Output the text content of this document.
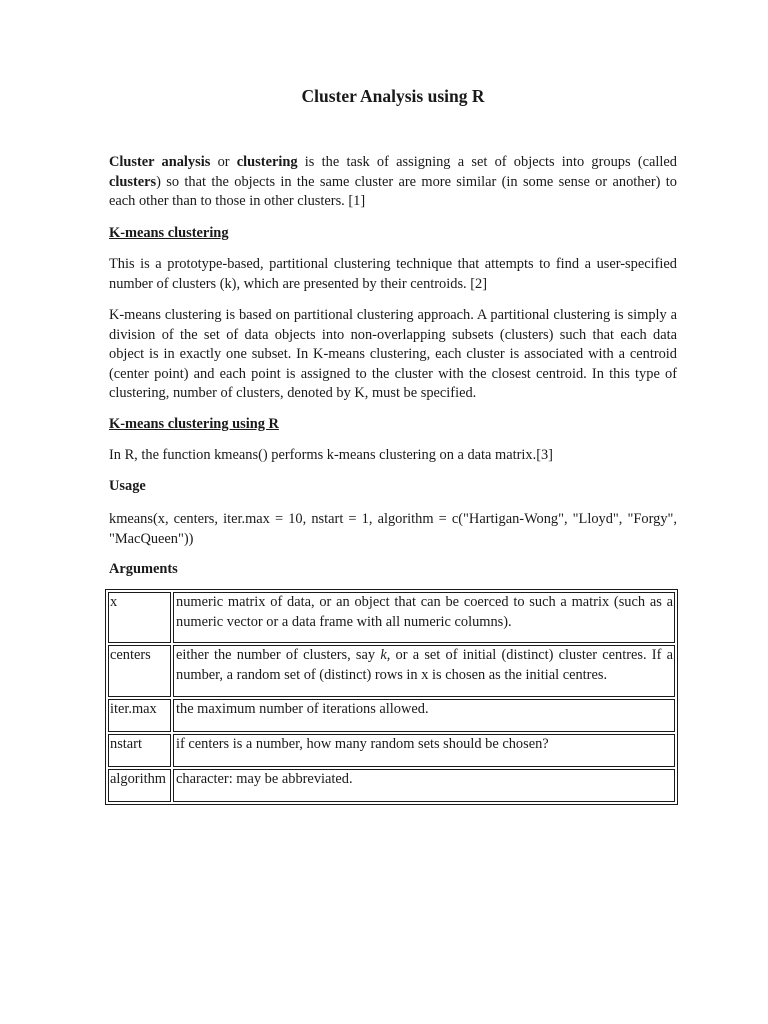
Cluster Analysis using R

Cluster analysis or clustering is the task of assigning a set of objects into groups (called clusters) so that the objects in the same cluster are more similar (in some sense or another) to each other than to those in other clusters. [1]

K-means clustering

This is a prototype-based, partitional clustering technique that attempts to find a user-specified number of clusters (k), which are presented by their centroids. [2]

K-means clustering is based on partitional clustering approach. A partitional clustering is simply a division of the set of data objects into non-overlapping subsets (clusters) such that each data object is in exactly one subset. In K-means clustering, each cluster is associated with a centroid (center point) and each point is assigned to the cluster with the closest centroid. In this type of clustering, number of clusters, denoted by K, must be specified.

K-means clustering using R

In R, the function kmeans() performs k-means clustering on a data matrix.[3]

Usage

kmeans(x, centers, iter.max = 10, nstart = 1, algorithm = c("Hartigan-Wong", "Lloyd", "Forgy", "MacQueen"))

Arguments
x	numeric matrix of data, or an object that can be coerced to such a matrix (such as a numeric vector or a data frame with all numeric columns).
centers	either the number of clusters, say k, or a set of initial (distinct) cluster centres. If a number, a random set of (distinct) rows in x is chosen as the initial centres.
iter.max	the maximum number of iterations allowed.
nstart	if centers is a number, how many random sets should be chosen?
algorithm	character: may be abbreviated.
